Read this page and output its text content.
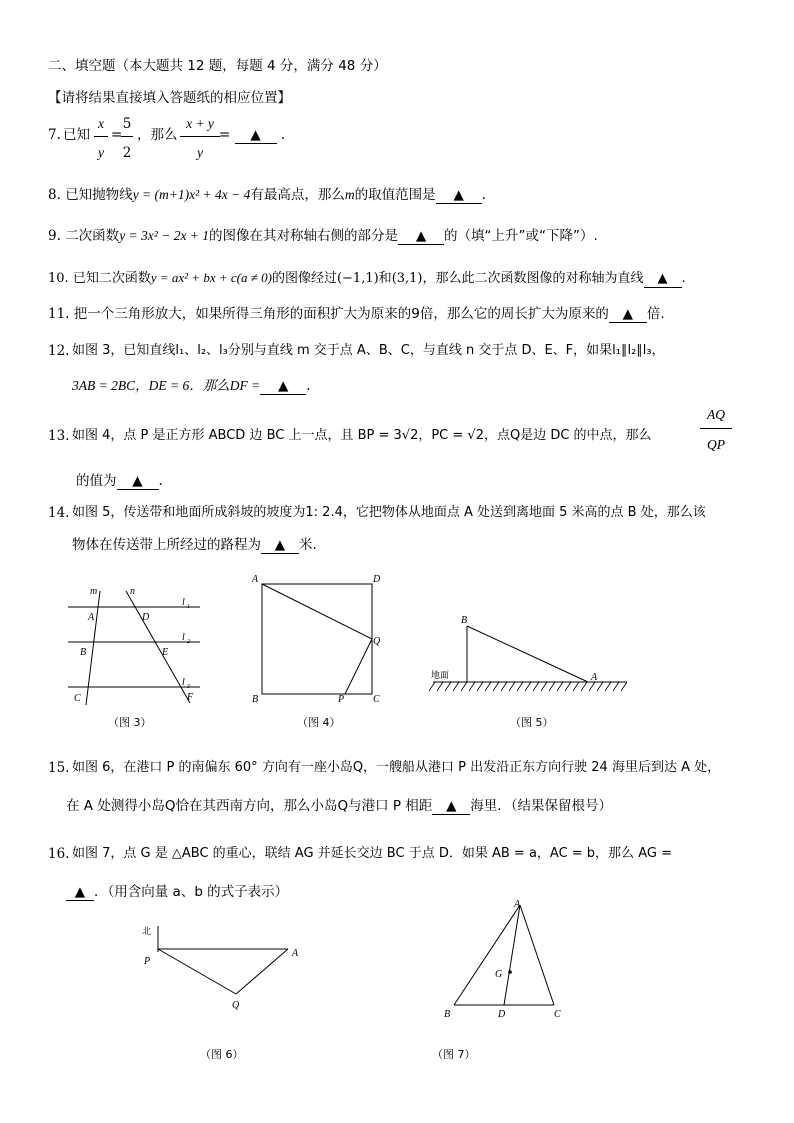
二、填空题（本大题共 12 题，每题 4 分，满分 48 分）
【请将结果直接填入答题纸的相应位置】
7. 已知
x
y
=
5
2
，那么
x + y
y
= ▲ .
8. 已知抛物线y = (m+1)x² + 4x − 4有最高点，那么m的取值范围是 ▲ .
9. 二次函数y = 3x² − 2x + 1的图像在其对称轴右侧的部分是 ▲ 的（填“上升”或“下降”）.
10. 已知二次函数y = ax² + bx + c(a ≠ 0)的图像经过(−1,1)和(3,1)，那么此二次函数图像的对称轴为直线 ▲ .
11. 把一个三角形放大，如果所得三角形的面积扩大为原来的9倍，那么它的周长扩大为原来的 ▲ 倍.
12. 如图 3，已知直线l₁、l₂、l₃分别与直线 m 交于点 A、B、C，与直线 n 交于点 D、E、F，如果l₁∥l₂∥l₃，
3AB = 2BC，DE = 6．那么DF = ▲ .
13. 如图 4，点 P 是正方形 ABCD 边 BC 上一点，且 BP = 3√2，PC = √2，点Q是边 DC 的中点，那么
AQ
QP
的值为 ▲ .
14. 如图 5，传送带和地面所成斜坡的坡度为1: 2.4，它把物体从地面点 A 处送到离地面 5 米高的点 B 处，那么该
物体在传送带上所经过的路程为 ▲ 米.
m	n
l 1
l 2
l 3
A	D
B	E
C	F
（图 3）
A	D
Q
B	P	C
（图 4）
B
A
地面
（图 5）
15. 如图 6，在港口 P 的南偏东 60° 方向有一座小岛Q，一艘船从港口 P 出发沿正东方向行驶 24 海里后到达 A 处，
在 A 处测得小岛Q恰在其西南方向，那么小岛Q与港口 P 相距 ▲ 海里．（结果保留根号）
16. 如图 7，点 G 是 △ABC 的重心，联结 AG 并延长交边 BC 于点 D．如果 AB = a，AC = b，那么 AG =
▲ ．（用含向量 a、b 的式子表示）
北
P
A
Q
（图 6）
A
G
B	D	C
（图 7）
